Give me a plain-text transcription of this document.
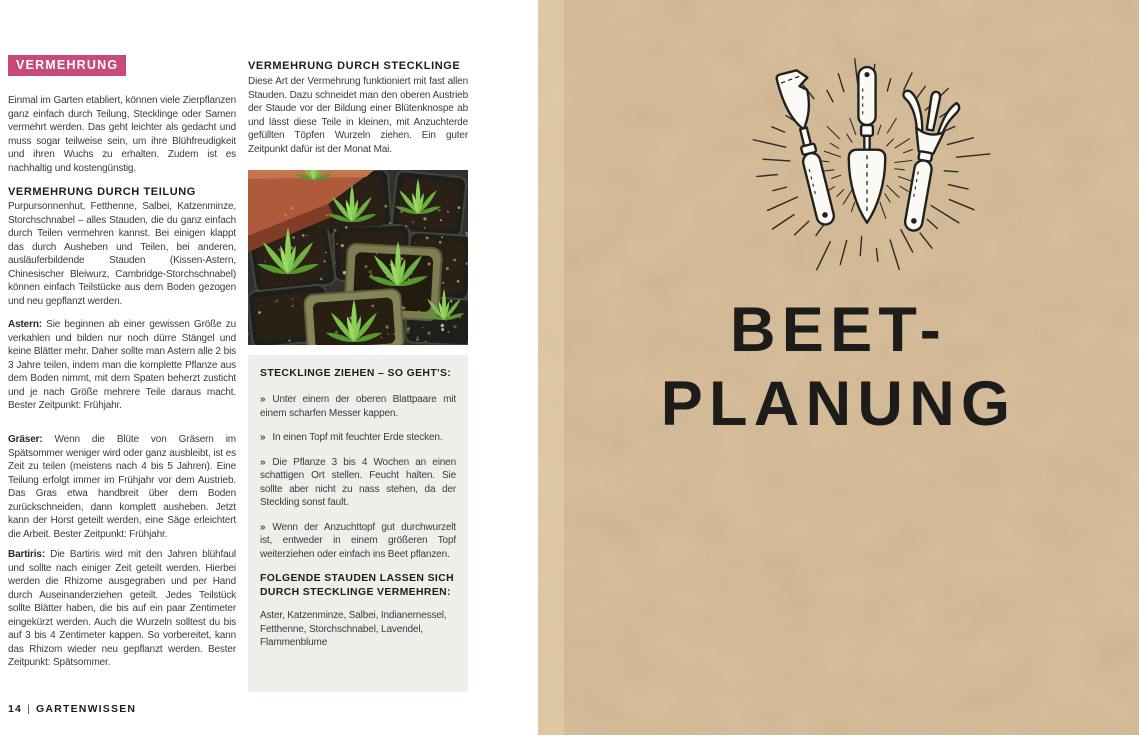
VERMEHRUNG

Einmal im Garten etabliert, können viele Zierpflanzen ganz einfach durch Teilung, Stecklinge oder Samen vermehrt werden. Das geht leichter als gedacht und muss sogar teilweise sein, um ihre Blühfreudigkeit und ihren Wuchs zu erhalten. Zudem ist es nachhaltig und kostengünstig.

VERMEHRUNG DURCH TEILUNG

Purpursonnenhut, Fetthenne, Salbei, Katzenminze, Storchschnabel – alles Stauden, die du ganz einfach durch Teilen vermehren kannst. Bei einigen klappt das durch Ausheben und Teilen, bei anderen, ausläuferbildende Stauden (Kissen-Astern, Chinesischer Bleiwurz, Cambridge-Storchschnabel) können einfach Teilstücke aus dem Boden gezogen und neu gepflanzt werden.

Astern: Sie beginnen ab einer gewissen Größe zu verkahlen und bilden nur noch dürre Stängel und keine Blätter mehr. Daher sollte man Astern alle 2 bis 3 Jahre teilen, indem man die komplette Pflanze aus dem Boden nimmt, mit dem Spaten beherzt zusticht und je nach Größe mehrere Teile daraus macht. Bester Zeitpunkt: Frühjahr.

Gräser: Wenn die Blüte von Gräsern im Spätsommer weniger wird oder ganz ausbleibt, ist es Zeit zu teilen (meistens nach 4 bis 5 Jahren). Eine Teilung erfolgt immer im Frühjahr vor dem Austrieb. Das Gras etwa handbreit über dem Boden zurückschneiden, dann komplett ausheben. Jetzt kann der Horst geteilt werden, eine Säge erleichtert die Arbeit. Bester Zeitpunkt: Frühjahr.

Bartiris: Die Bartiris wird mit den Jahren blühfaul und sollte nach einiger Zeit geteilt werden. Hierbei werden die Rhizome ausgegraben und per Hand durch Auseinanderziehen geteilt. Jedes Teilstück sollte Blätter haben, die bis auf ein paar Zentimeter eingekürzt werden. Auch die Wurzeln solltest du bis auf 3 bis 4 Zentimeter kappen. So vorbereitet, kann das Rhizom wieder neu gepflanzt werden. Bester Zeitpunkt: Spätsommer.

VERMEHRUNG DURCH STECKLINGE

Diese Art der Vermehrung funktioniert mit fast allen Stauden. Dazu schneidet man den oberen Austrieb der Staude vor der Bildung einer Blütenknospe ab und lässt diese Teile in kleinen, mit Anzuchterde gefüllten Töpfen Wurzeln ziehen. Ein guter Zeitpunkt dafür ist der Monat Mai.

STECKLINGE ZIEHEN – SO GEHT'S:

» Unter einem der oberen Blattpaare mit einem scharfen Messer kappen.

» In einen Topf mit feuchter Erde stecken.

» Die Pflanze 3 bis 4 Wochen an einen schattigen Ort stellen. Feucht halten. Sie sollte aber nicht zu nass stehen, da der Steckling sonst fault.

» Wenn der Anzuchttopf gut durchwurzelt ist, entweder in einem größeren Topf weiterziehen oder einfach ins Beet pflanzen.

FOLGENDE STAUDEN LASSEN SICH DURCH STECKLINGE VERMEHREN:

Aster, Katzenminze, Salbei, Indianernessel, Fetthenne, Storchschnabel, Lavendel, Flammenblume

14 | GARTENWISSEN
BEET-
PLANUNG
